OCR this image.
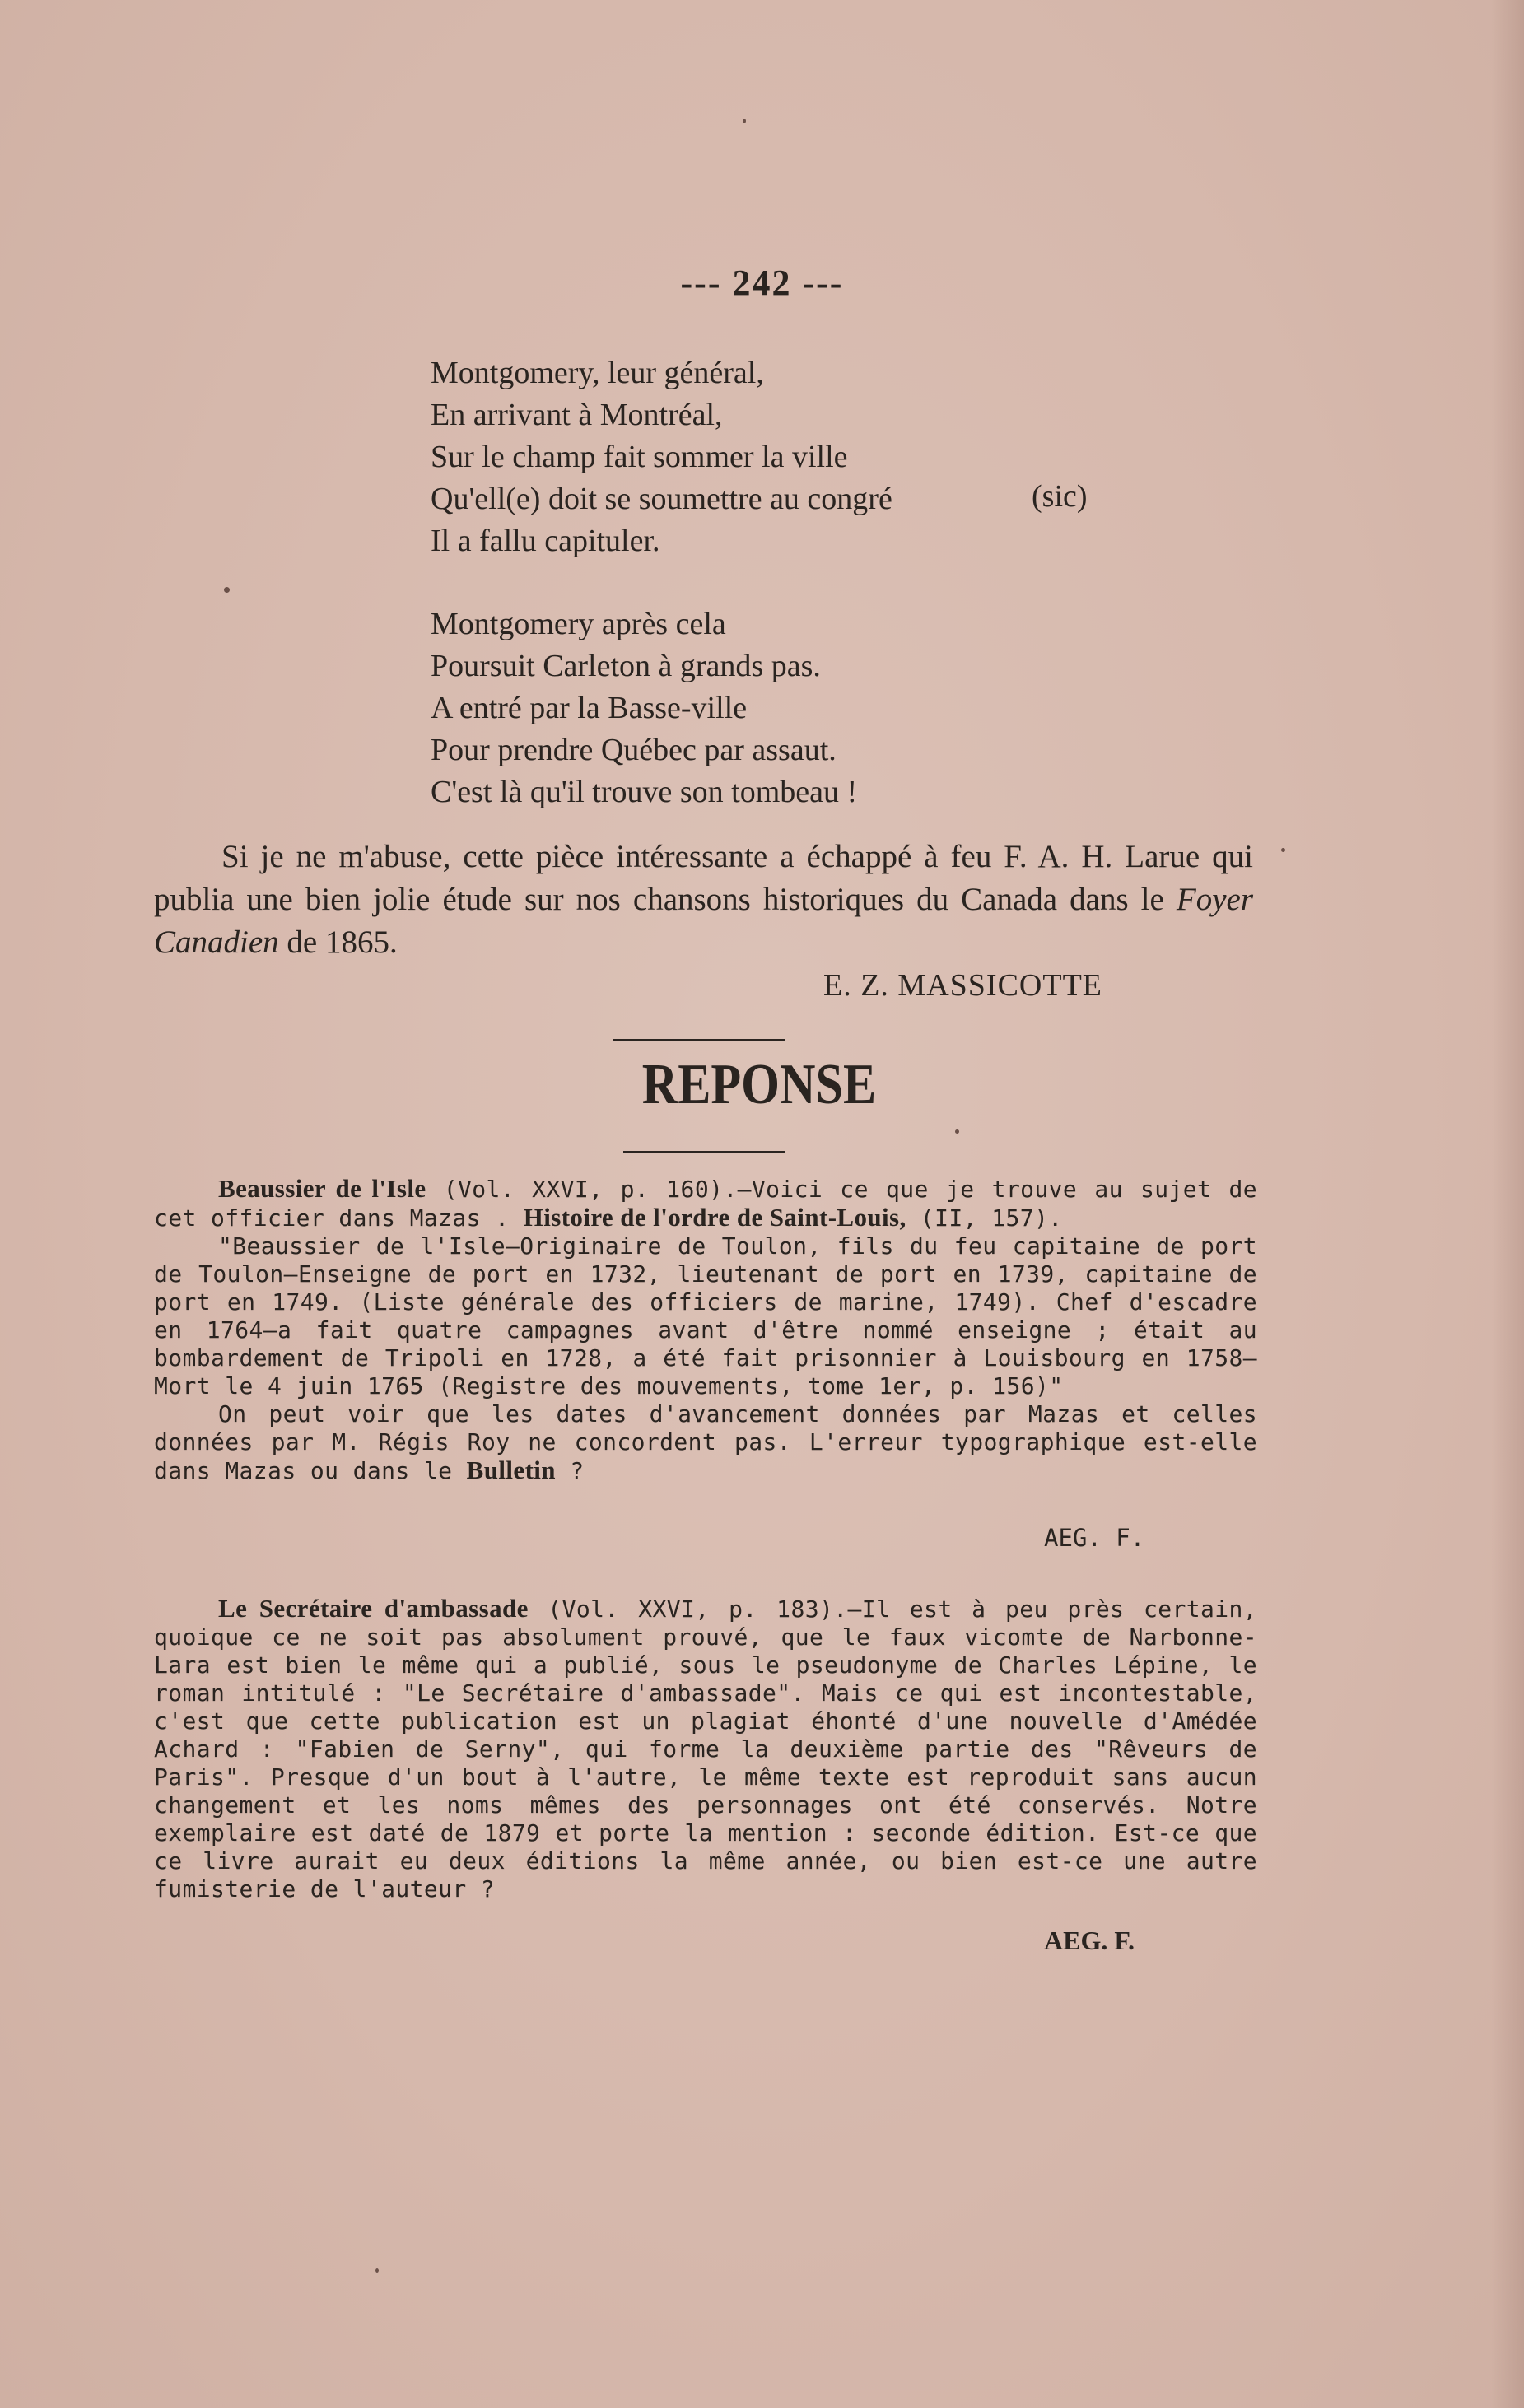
--- 242 ---
Montgomery, leur général,
En arrivant à Montréal,
Sur le champ fait sommer la ville
Qu'ell(e) doit se soumettre au congré
Il a fallu capituler.
(sic)
Montgomery après cela
Poursuit Carleton à grands pas.
A entré par la Basse-ville
Pour prendre Québec par assaut.
C'est là qu'il trouve son tombeau !
Si je ne m'abuse, cette pièce intéressante a échappé à feu F. A. H. Larue qui publia une bien jolie étude sur nos chansons historiques du Canada dans le Foyer Canadien de 1865.
E. Z. MASSICOTTE
REPONSE

Beaussier de l'Isle (Vol. XXVI, p. 160).—Voici ce que je trouve au sujet de cet officier dans Mazas . Histoire de l'ordre de Saint-Louis, (II, 157).

"Beaussier de l'Isle—Originaire de Toulon, fils du feu capitaine de port de Toulon—Enseigne de port en 1732, lieutenant de port en 1739, capitaine de port en 1749. (Liste générale des officiers de marine, 1749). Chef d'escadre en 1764—a fait quatre campagnes avant d'être nommé enseigne ; était au bombardement de Tripoli en 1728, a été fait prisonnier à Louisbourg en 1758—Mort le 4 juin 1765 (Registre des mouvements, tome 1er, p. 156)"

On peut voir que les dates d'avancement données par Mazas et celles données par M. Régis Roy ne concordent pas. L'erreur typographique est-elle dans Mazas ou dans le Bulletin ?

AEG. F.

Le Secrétaire d'ambassade (Vol. XXVI, p. 183).—Il est à peu près certain, quoique ce ne soit pas absolument prouvé, que le faux vicomte de Narbonne-Lara est bien le même qui a publié, sous le pseudonyme de Charles Lépine, le roman intitulé : "Le Secrétaire d'ambassade". Mais ce qui est incontestable, c'est que cette publication est un plagiat éhonté d'une nouvelle d'Amédée Achard : "Fabien de Serny", qui forme la deuxième partie des "Rêveurs de Paris". Presque d'un bout à l'autre, le même texte est reproduit sans aucun changement et les noms mêmes des personnages ont été conservés. Notre exemplaire est daté de 1879 et porte la mention : seconde édition. Est-ce que ce livre aurait eu deux éditions la même année, ou bien est-ce une autre fumisterie de l'auteur ?

AEG. F.
